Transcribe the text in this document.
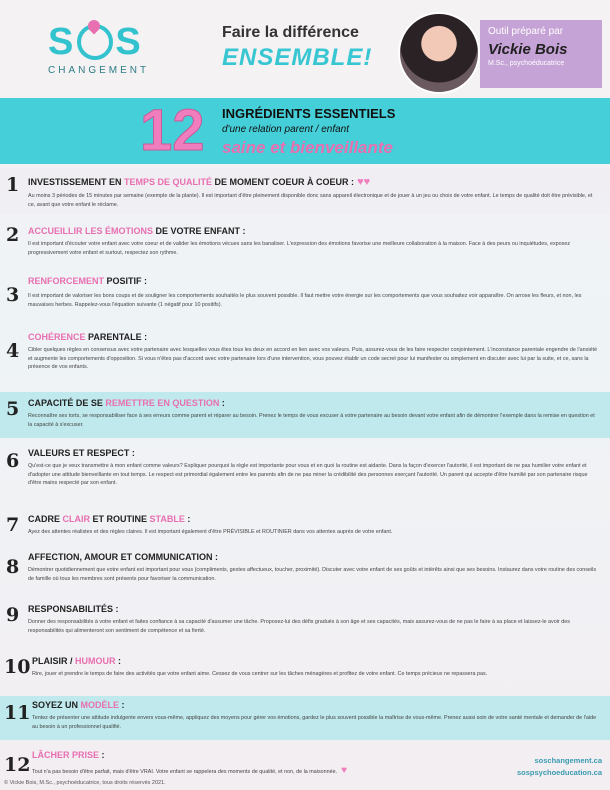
S S
CHANGEMENT
Faire la différence
ENSEMBLE!
Outil préparé par
Vickie Bois
M.Sc., psychoéducatrice
12 INGRÉDIENTS ESSENTIELS
d'une relation parent / enfant
saine et bienveillante
1 INVESTISSEMENT EN TEMPS DE QUALITÉ DE MOMENT COEUR À COEUR : ♥♥
Au moins 3 périodes de 15 minutes par semaine (exemple de la plante). Il est important d'être pleinement disponible donc sans appareil électronique et de jouer à un jeu ou choix de votre enfant. Le temps de qualité doit être prévisible, et ce, avant que votre enfant le réclame.
2 ACCUEILLIR LES ÉMOTIONS DE VOTRE ENFANT :
Il est important d'écouter votre enfant avec votre coeur et de valider les émotions vécues sans les banaliser. L'expression des émotions favorise une meilleure collaboration à la maison. Face à des peurs ou inquiétudes, exposez progressivement votre enfant et surtout, respectez son rythme.
3
RENFORCEMENT POSITIF :
Il est important de valoriser les bons coups et de souligner les comportements souhaités le plus souvent possible. Il faut mettre votre énergie sur les comportements que vous souhaitez voir apparaître. On arrose les fleurs, et non, les mauvaises herbes. Rappelez-vous l'équation suivante (1 négatif pour 10 positifs).
4
COHÉRENCE PARENTALE :
Cibler quelques règles en consensus avec votre partenaire avec lesquelles vous êtes tous les deux en accord en lien avec vos valeurs. Puis, assurez-vous de les faire respecter conjointement. L'inconstance parentale engendre de l'anxiété et augmente les comportements d'opposition. Si vous n'êtes pas d'accord avec votre partenaire lors d'une intervention, vous pouvez établir un code secret pour lui manifester ou simplement en discuter avec lui par la suite, et ce, sans la présence de vos enfants.
5 CAPACITÉ DE SE REMETTRE EN QUESTION :
Reconnaître ses torts, se responsabiliser face à ses erreurs comme parent et réparer au besoin. Prenez le temps de vous excuser à votre partenaire au besoin devant votre enfant afin de démontrer l'exemple dans la remise en question et la capacité à s'excuser.
6 VALEURS ET RESPECT :
Qu'est-ce que je veux transmettre à mon enfant comme valeurs? Expliquer pourquoi la règle est importante pour vous et en quoi la routine est aidante. Dans la façon d'exercer l'autorité, il est important de ne pas humilier votre enfant et d'adopter une attitude bienveillante en tout temps. Le respect est primordial également entre les parents afin de ne pas miner la crédibilité des personnes exerçant l'autorité. Un parent qui accepte d'être humilié par son partenaire risque d'être mains respecté par son enfant.
7 CADRE CLAIR ET ROUTINE STABLE :
Ayez des attentes réalistes et des règles claires. Il est important également d'être PRÉVISIBLE et ROUTINIER dans vos attentes auprès de votre enfant.
8 AFFECTION, AMOUR ET COMMUNICATION :
Démontrer quotidiennement que votre enfant est important pour vous (compliments, gestes affectueux, toucher, proximité). Discuter avec votre enfant de ses goûts et intérêts ainsi que ses besoins. Instaurez dans votre routine des conseils de famille où tous les membres sont présents pour favoriser la communication.
9 RESPONSABILITÉS :
Donner des responsabilités à votre enfant et faites confiance à sa capacité d'assumer une tâche. Proposez-lui des défis gradués à son âge et ses capacités, mais assurez-vous de ne pas le faire à sa place et laissez-le avoir des responsabilités qui alimenteront son sentiment de compétence et sa fierté.
10 PLAISIR / HUMOUR :
Rire, jouer et prendre le temps de faire des activités que votre enfant aime. Cessez de vous centrer sur les tâches ménagères et profitez de votre enfant. Ce temps précieux ne repassera pas.
11 SOYEZ UN MODÈLE :
Tentez de présenter une attitude indulgente envers vous-même, appliquez des moyens pour gérer vos émotions, gardez le plus souvent possible la maîtrise de vous-même. Prenez aussi soin de votre santé mentale et demander de l'aide au besoin à un professionnel qualifié.
12 LÂCHER PRISE :
Tout n'a pas besoin d'être parfait, mais d'être VRAI. Votre enfant se rappelera des moments de qualité, et non, de la maisonnée. ♥
soschangement.ca
sospsychoeducation.ca
© Vickie Bois, M.Sc., psychoéducatrice, tous droits réservés 2021.
